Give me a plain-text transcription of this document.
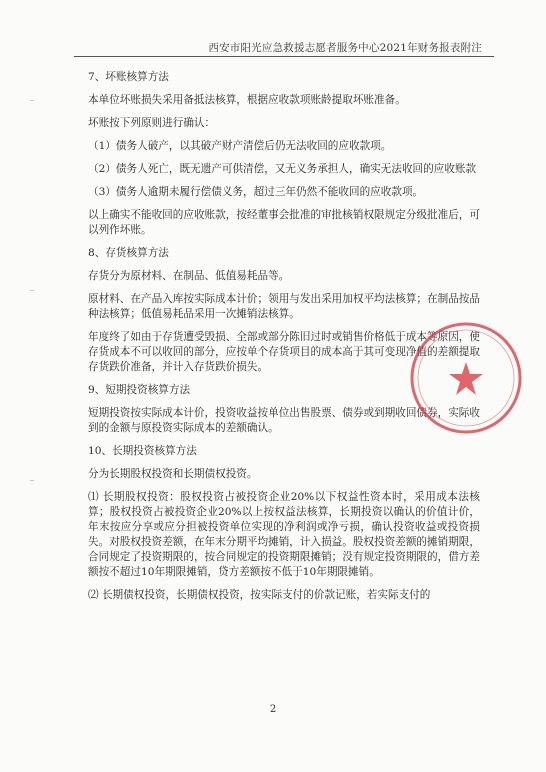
西安市阳光应急救援志愿者服务中心2021年财务报表附注

7、坏账核算方法

本单位坏账损失采用备抵法核算，根据应收款项账龄提取坏账准备。

坏账按下列原则进行确认：

（1）债务人破产，以其破产财产清偿后仍无法收回的应收款项。

（2）债务人死亡，既无遗产可供清偿，又无义务承担人，确实无法收回的应收账款

（3）债务人逾期未履行偿债义务，超过三年仍然不能收回的应收款项。

以上确实不能收回的应收账款，按经董事会批准的审批核销权限规定分级批准后，可以列作坏账。

8、存货核算方法

存货分为原材料、在制品、低值易耗品等。

原材料、在产品入库按实际成本计价；领用与发出采用加权平均法核算；在制品按品种法核算；低值易耗品采用一次摊销法核算。

年度终了如由于存货遭受毁损、全部或部分陈旧过时或销售价格低于成本等原因，使存货成本不可以收回的部分，应按单个存货项目的成本高于其可变现净值的差额提取存货跌价准备，并计入存货跌价损失。

9、短期投资核算方法

短期投资按实际成本计价，投资收益按单位出售股票、债券或到期收回债券，实际收到的金额与原投资实际成本的差额确认。

10、长期投资核算方法

分为长期股权投资和长期债权投资。

⑴ 长期股权投资：股权投资占被投资企业20%以下权益性资本时，采用成本法核算；股权投资占被投资企业20%以上按权益法核算，长期投资以确认的价值计价，年末按应分享或应分担被投资单位实现的净利润或净亏损，确认投资收益或投资损失。对股权投资差额，在年末分期平均摊销，计入损益。股权投资差额的摊销期限，合同规定了投资期限的，按合同规定的投资期限摊销；没有规定投资期限的，借方差额按不超过10年期限摊销，贷方差额按不低于10年期限摊销。

⑵ 长期债权投资，长期债权投资，按实际支付的价款记账，若实际支付的

2
